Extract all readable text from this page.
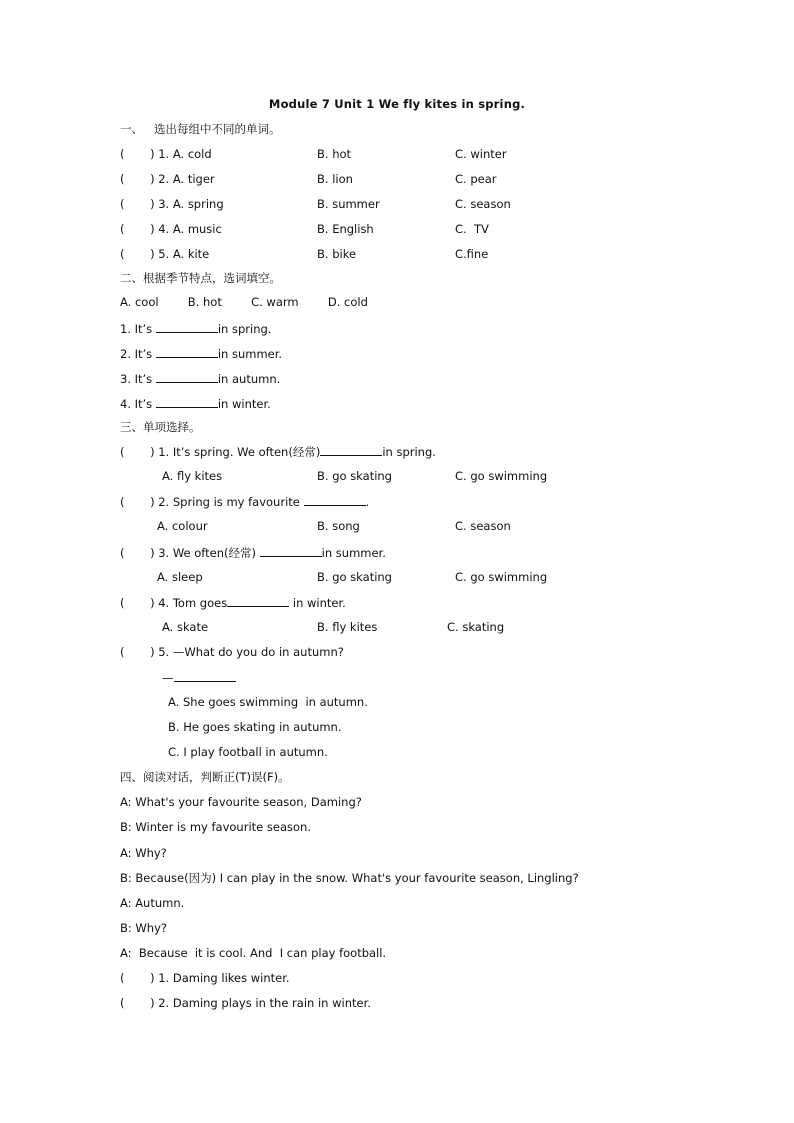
Module 7 Unit 1 We fly kites in spring.
一、   选出每组中不同的单词。
(       ) 1. A. cold	B. hot	C. winter
(       ) 2. A. tiger	B. lion	C. pear
(       ) 3. A. spring	B. summer	C. season
(       ) 4. A. music	B. English	C.  TV
(       ) 5. A. kite	B. bike	C.fine
二、根据季节特点，选词填空。
A. cool        B. hot        C. warm        D. cold
1. It’s	in spring.
2. It’s	in summer.
3. It’s	in autumn.
4. It’s	in winter.
三、单项选择。
(       ) 1. It’s spring. We often(经常)	in spring.
A. fly kites	B. go skating	C. go swimming
(       ) 2. Spring is my favourite	.
A. colour	B. song	C. season
(       ) 3. We often(经常)	in summer.
A. sleep	B. go skating	C. go swimming
(       ) 4. Tom goes	in winter.
A. skate	B. fly kites	C. skating
(       ) 5. —What do you do in autumn?
—
A. She goes swimming  in autumn.
B. He goes skating in autumn.
C. I play football in autumn.
四、阅读对话，判断正(T)误(F)。
A: What's your favourite season, Daming?
B: Winter is my favourite season.
A: Why?
B: Because(因为) I can play in the snow. What's your favourite season, Lingling?
A: Autumn.
B: Why?
A:  Because  it is cool. And  I can play football.
(       ) 1. Daming likes winter.
(       ) 2. Daming plays in the rain in winter.
